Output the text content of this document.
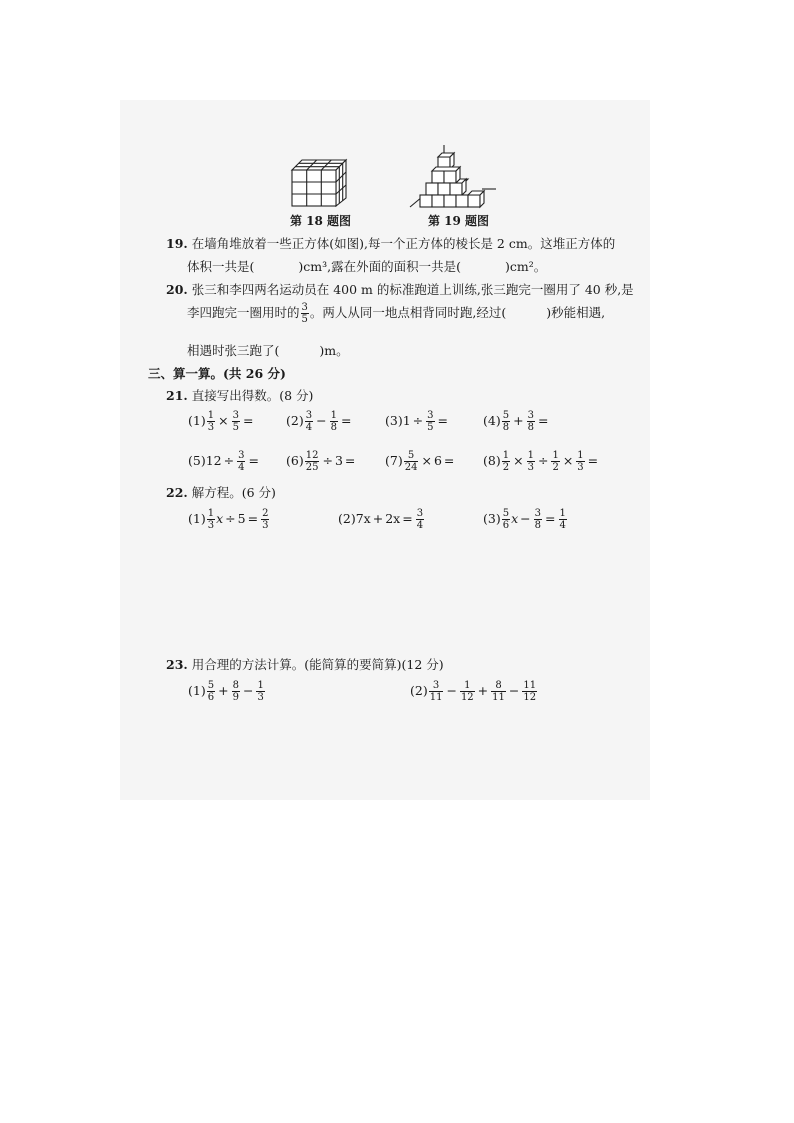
第 18 题图	第 19 题图
19. 在墙角堆放着一些正方体(如图),每一个正方体的棱长是 2 cm。这堆正方体的
体积一共是(	)cm³,露在外面的面积一共是(	)cm²。
20. 张三和李四两名运动员在 400 m 的标准跑道上训练,张三跑完一圈用了 40 秒,是
李四跑完一圈用时的 $\frac{3}{5}$ 。两人从同一地点相背同时跑,经过(	)秒能相遇,
相遇时张三跑了(	)m。
三、算一算。(共 26 分)
21. 直接写出得数。(8 分)
$(1) \frac{1}{3} \times \frac{3}{5}$ =	$(2) \frac{3}{4} - \frac{1}{8}$ =	$(3)1 \div \frac{3}{5}$ =	$(4) \frac{5}{8} + \frac{3}{8}$ =
$(5)12 \div \frac{3}{4} = (6) \frac{12}{25} \div 3 = (7) \frac{5}{24} \times 6 = (8) \frac{1}{2} \times \frac{1}{3} \div \frac{1}{2} \times \frac{1}{3}$ =
22. 解方程。(6 分)
$(1) \frac{1}{3}$ $x \div 5 = \frac{2}{3}$	$(2)7x + 2x = \frac{3}{4}$	$(3) \frac{5}{6}$ $x - \frac{3}{8} = \frac{1}{4}$
23. 用合理的方法计算。(能简算的要简算)(12 分)
$(1) \frac{5}{6} + \frac{8}{9} - \frac{1}{3}$	$(2) \frac{3}{11} - \frac{1}{12} + \frac{8}{11} - \frac{11}{12}$
